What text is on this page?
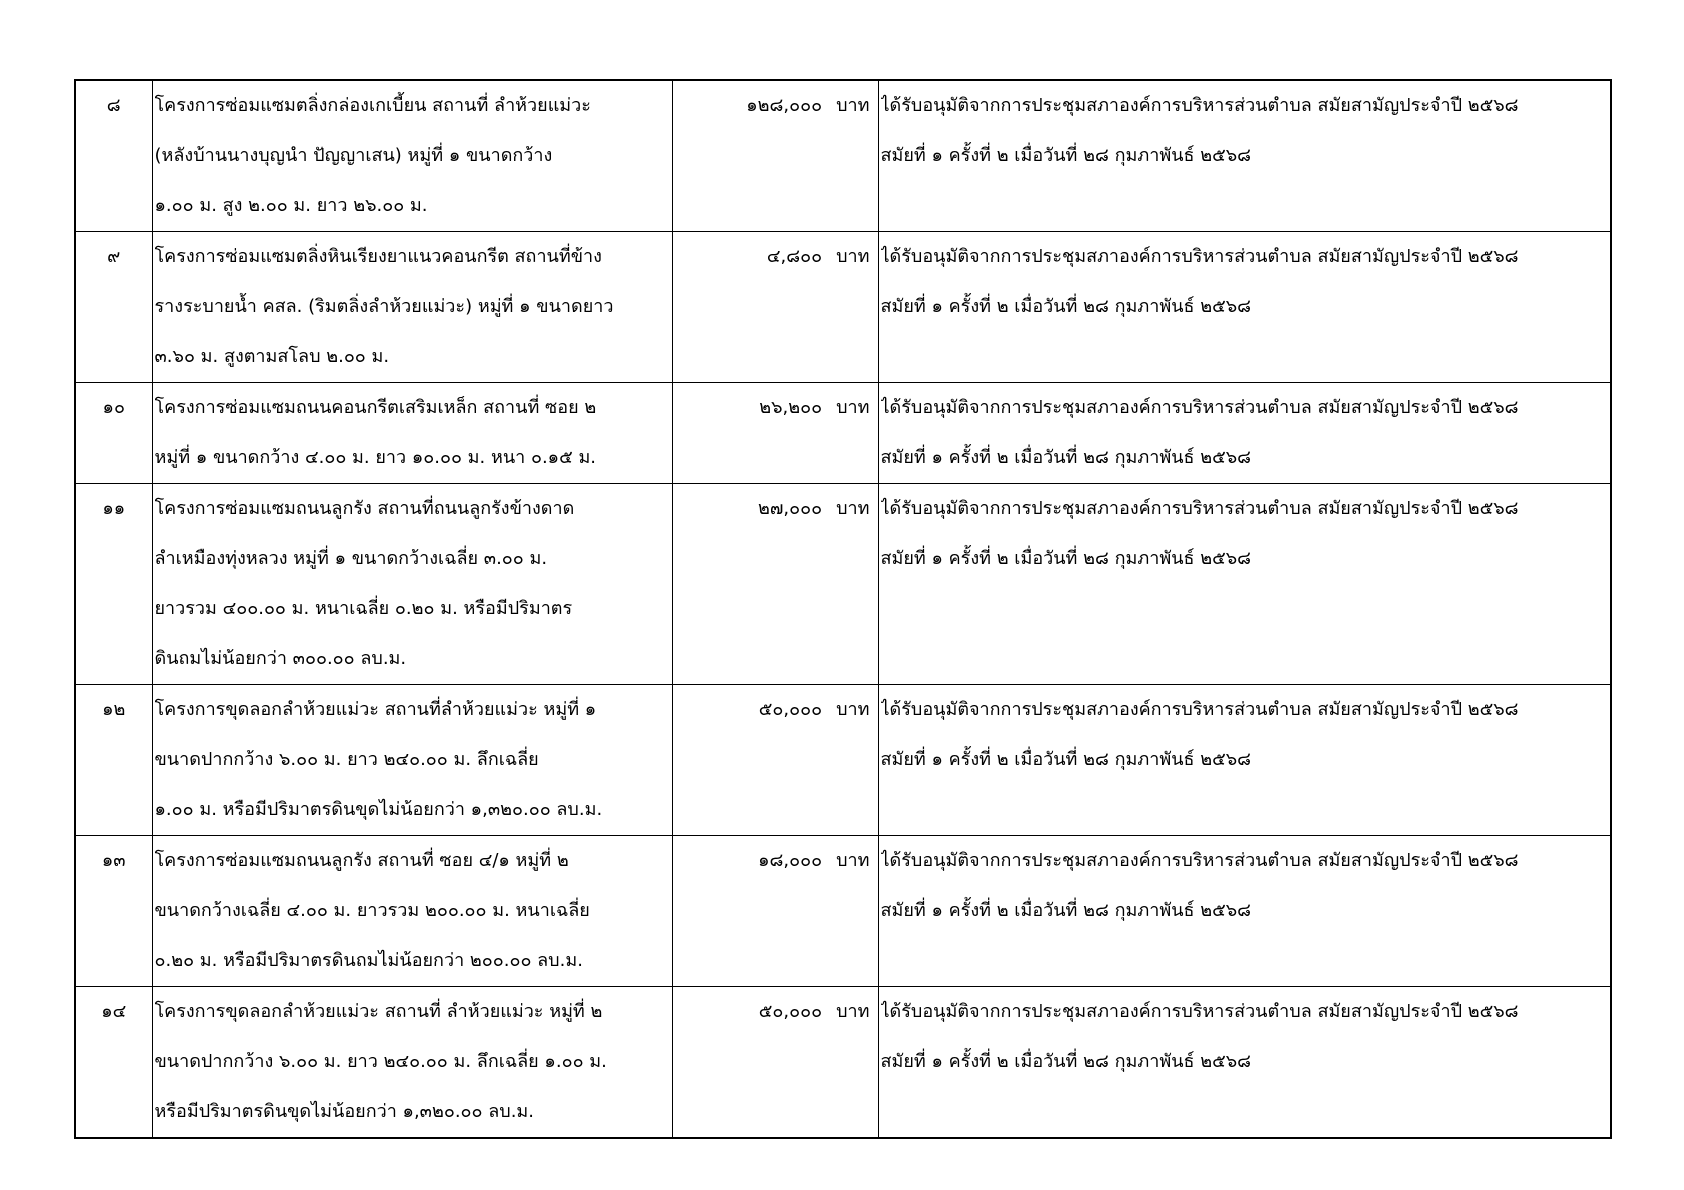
๘	โครงการซ่อมแซมตลิ่งกล่องเกเบี้ยน สถานที่ ลำห้วยแม่วะ
(หลังบ้านนางบุญนำ ปัญญาเสน) หมู่ที่ ๑ ขนาดกว้าง
๑.๐๐ ม. สูง ๒.๐๐ ม. ยาว ๒๖.๐๐ ม.	๑๒๘,๐๐๐ บาท	ได้รับอนุมัติจากการประชุมสภาองค์การบริหารส่วนตำบล สมัยสามัญประจำปี ๒๕๖๘
สมัยที่ ๑ ครั้งที่ ๒ เมื่อวันที่ ๒๘ กุมภาพันธ์ ๒๕๖๘

๙	โครงการซ่อมแซมตลิ่งหินเรียงยาแนวคอนกรีต สถานที่ข้าง
รางระบายน้ำ คสล. (ริมตลิ่งลำห้วยแม่วะ) หมู่ที่ ๑ ขนาดยาว
๓.๖๐ ม. สูงตามสโลบ ๒.๐๐ ม.	๔,๘๐๐ บาท	ได้รับอนุมัติจากการประชุมสภาองค์การบริหารส่วนตำบล สมัยสามัญประจำปี ๒๕๖๘
สมัยที่ ๑ ครั้งที่ ๒ เมื่อวันที่ ๒๘ กุมภาพันธ์ ๒๕๖๘

๑๐	โครงการซ่อมแซมถนนคอนกรีตเสริมเหล็ก สถานที่ ซอย ๒
หมู่ที่ ๑ ขนาดกว้าง ๔.๐๐ ม. ยาว ๑๐.๐๐ ม. หนา ๐.๑๕ ม.	๒๖,๒๐๐ บาท	ได้รับอนุมัติจากการประชุมสภาองค์การบริหารส่วนตำบล สมัยสามัญประจำปี ๒๕๖๘
สมัยที่ ๑ ครั้งที่ ๒ เมื่อวันที่ ๒๘ กุมภาพันธ์ ๒๕๖๘

๑๑	โครงการซ่อมแซมถนนลูกรัง สถานที่ถนนลูกรังข้างดาด
ลำเหมืองทุ่งหลวง หมู่ที่ ๑ ขนาดกว้างเฉลี่ย ๓.๐๐ ม.
ยาวรวม ๔๐๐.๐๐ ม. หนาเฉลี่ย ๐.๒๐ ม. หรือมีปริมาตร
ดินถมไม่น้อยกว่า ๓๐๐.๐๐ ลบ.ม.	๒๗,๐๐๐ บาท	ได้รับอนุมัติจากการประชุมสภาองค์การบริหารส่วนตำบล สมัยสามัญประจำปี ๒๕๖๘
สมัยที่ ๑ ครั้งที่ ๒ เมื่อวันที่ ๒๘ กุมภาพันธ์ ๒๕๖๘

๑๒	โครงการขุดลอกลำห้วยแม่วะ สถานที่ลำห้วยแม่วะ หมู่ที่ ๑
ขนาดปากกว้าง ๖.๐๐ ม. ยาว ๒๔๐.๐๐ ม. ลึกเฉลี่ย
๑.๐๐ ม. หรือมีปริมาตรดินขุดไม่น้อยกว่า ๑,๓๒๐.๐๐ ลบ.ม.	๕๐,๐๐๐ บาท	ได้รับอนุมัติจากการประชุมสภาองค์การบริหารส่วนตำบล สมัยสามัญประจำปี ๒๕๖๘
สมัยที่ ๑ ครั้งที่ ๒ เมื่อวันที่ ๒๘ กุมภาพันธ์ ๒๕๖๘

๑๓	โครงการซ่อมแซมถนนลูกรัง สถานที่ ซอย ๔/๑ หมู่ที่ ๒
ขนาดกว้างเฉลี่ย ๔.๐๐ ม. ยาวรวม ๒๐๐.๐๐ ม. หนาเฉลี่ย
๐.๒๐ ม. หรือมีปริมาตรดินถมไม่น้อยกว่า ๒๐๐.๐๐ ลบ.ม.	๑๘,๐๐๐ บาท	ได้รับอนุมัติจากการประชุมสภาองค์การบริหารส่วนตำบล สมัยสามัญประจำปี ๒๕๖๘
สมัยที่ ๑ ครั้งที่ ๒ เมื่อวันที่ ๒๘ กุมภาพันธ์ ๒๕๖๘

๑๔	โครงการขุดลอกลำห้วยแม่วะ สถานที่ ลำห้วยแม่วะ หมู่ที่ ๒
ขนาดปากกว้าง ๖.๐๐ ม. ยาว ๒๔๐.๐๐ ม. ลึกเฉลี่ย ๑.๐๐ ม.
หรือมีปริมาตรดินขุดไม่น้อยกว่า ๑,๓๒๐.๐๐ ลบ.ม.	๕๐,๐๐๐ บาท	ได้รับอนุมัติจากการประชุมสภาองค์การบริหารส่วนตำบล สมัยสามัญประจำปี ๒๕๖๘
สมัยที่ ๑ ครั้งที่ ๒ เมื่อวันที่ ๒๘ กุมภาพันธ์ ๒๕๖๘
